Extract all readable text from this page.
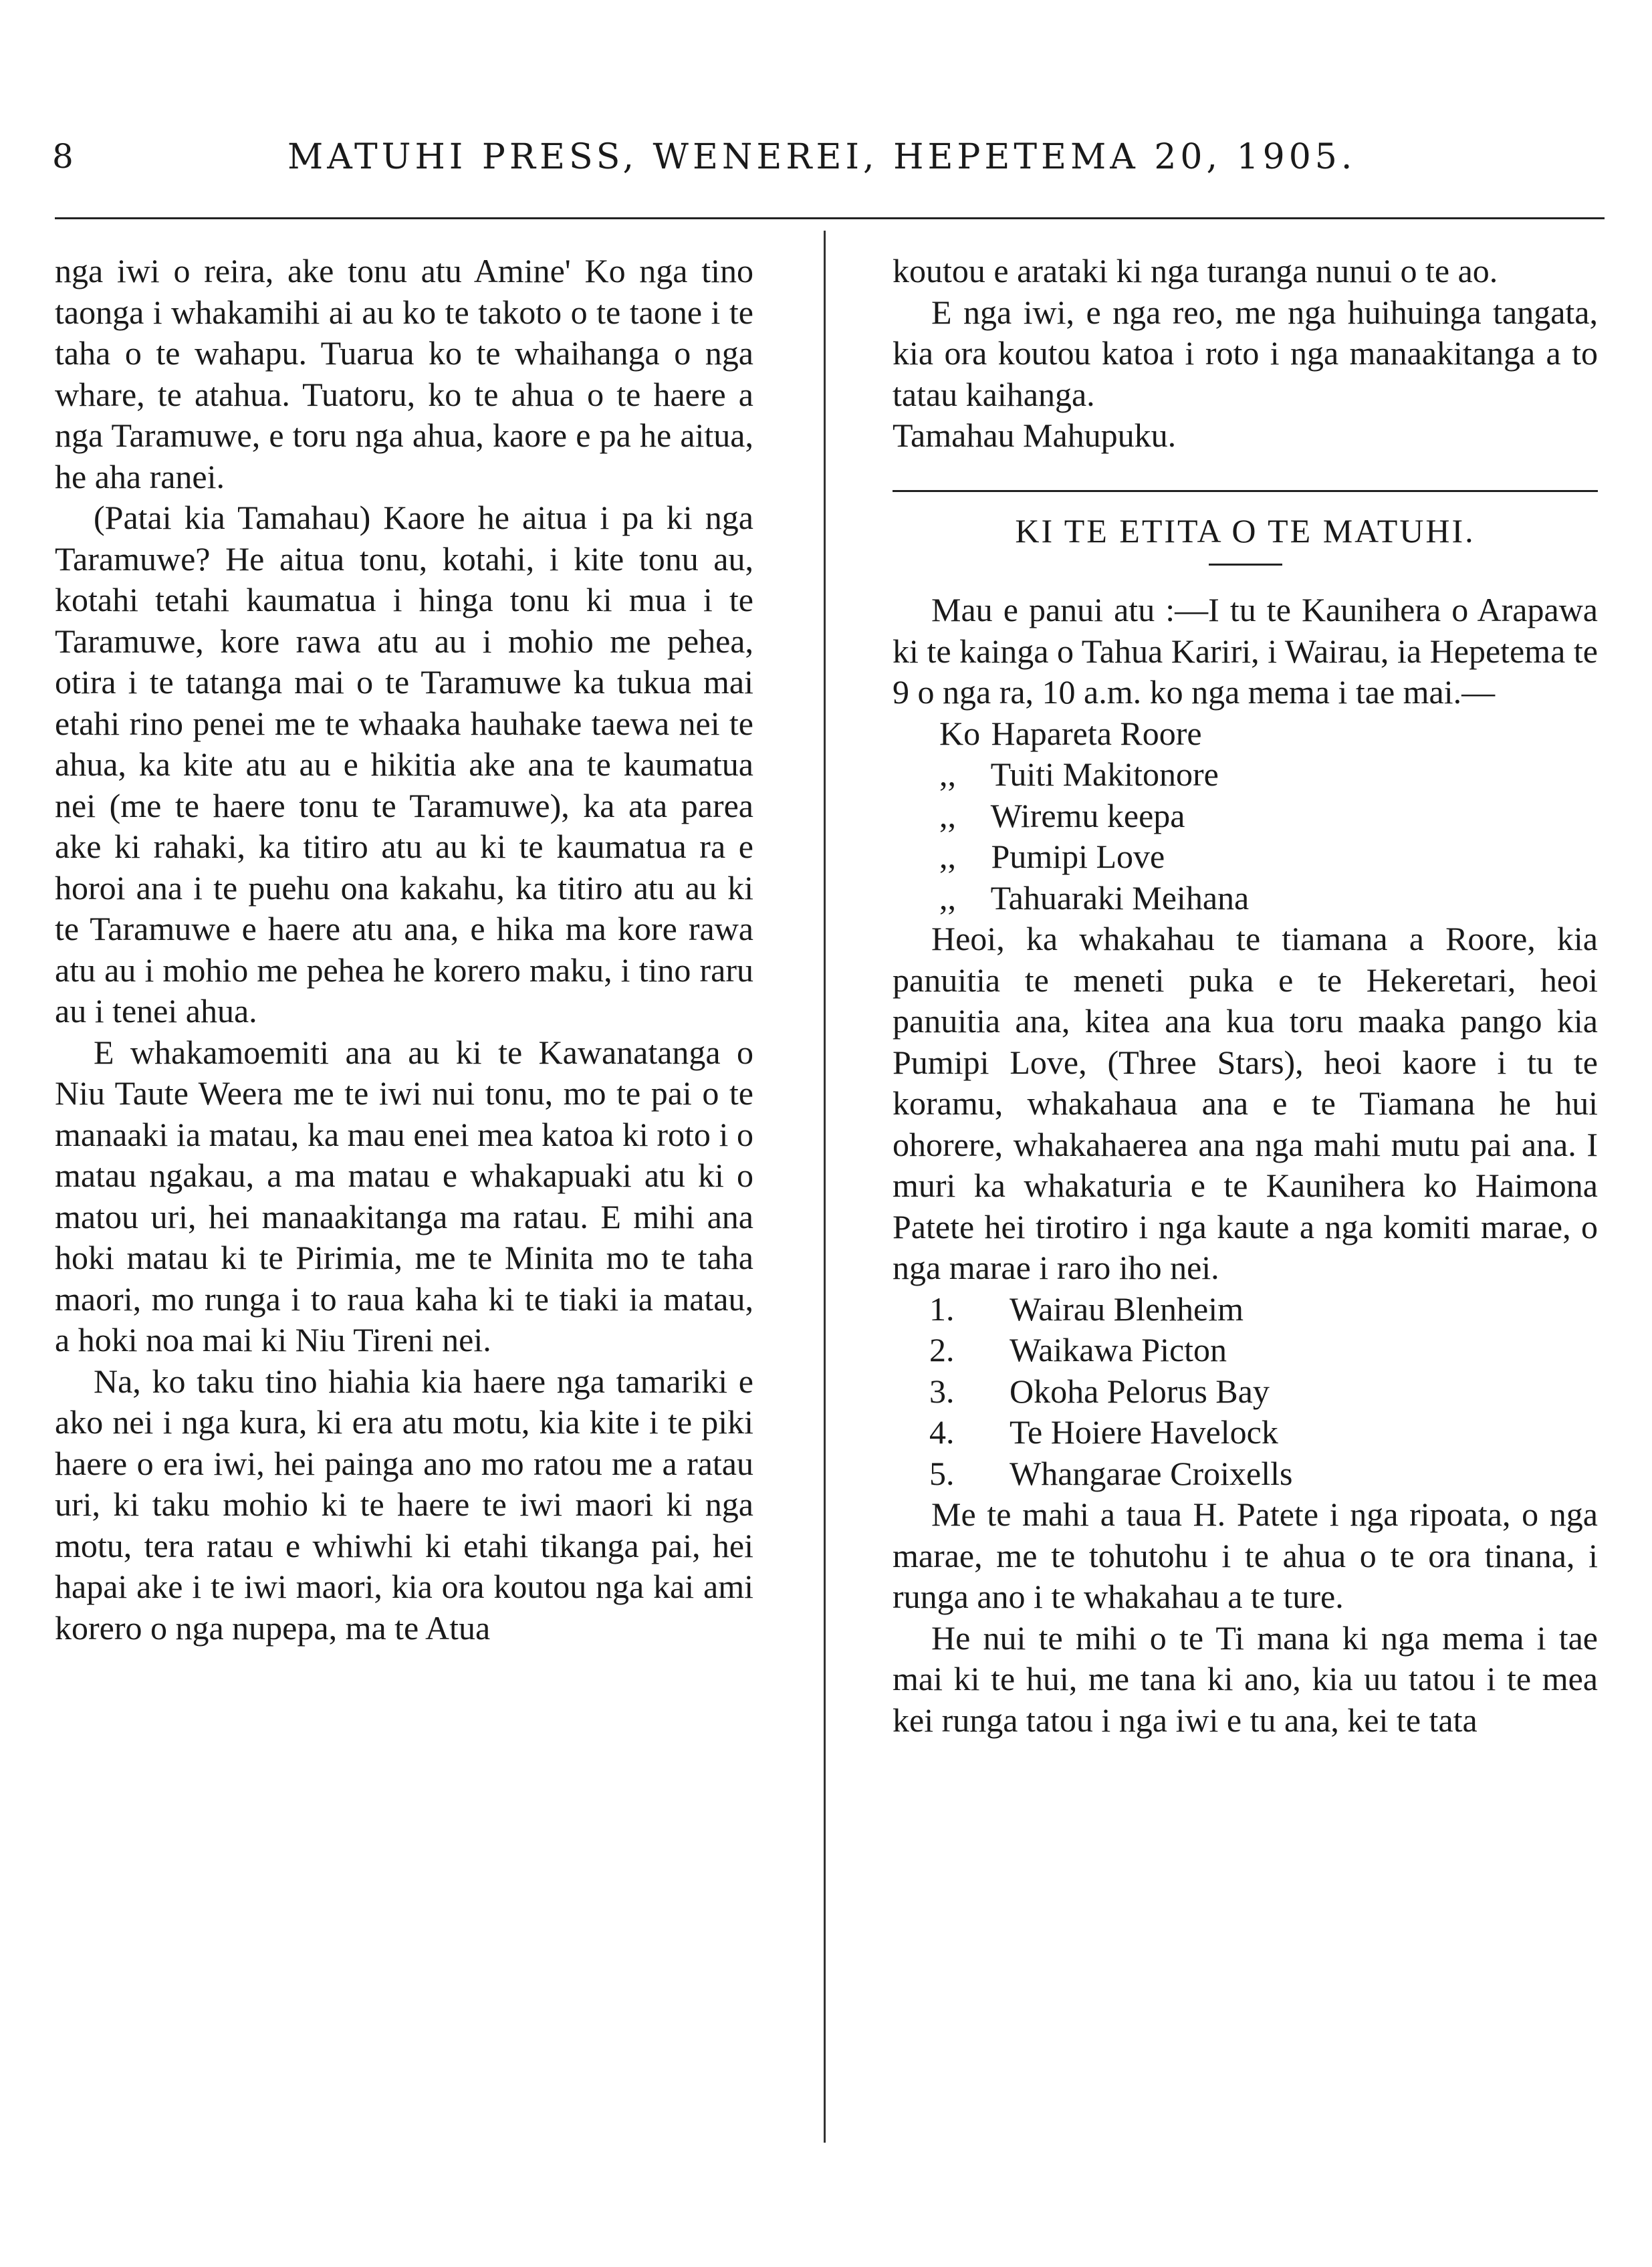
8	MATUHI PRESS, WENEREI, HEPETEMA 20, 1905.

nga iwi o reira, ake tonu atu Amine' Ko nga tino taonga i whakamihi ai au ko te takoto o te taone i te taha o te wahapu. Tuarua ko te whaihanga o nga whare, te atahua. Tuatoru, ko te ahua o te haere a nga Taramuwe, e toru nga ahua, kaore e pa he aitua, he aha ranei.

(Patai kia Tamahau) Kaore he aitua i pa ki nga Taramuwe? He aitua tonu, kotahi, i kite tonu au, kotahi tetahi kaumatua i hinga tonu ki mua i te Taramuwe, kore rawa atu au i mohio me pehea, otira i te tatanga mai o te Taramuwe ka tukua mai etahi rino penei me te whaaka hauhake taewa nei te ahua, ka kite atu au e hikitia ake ana te kaumatua nei (me te haere tonu te Taramuwe), ka ata parea ake ki rahaki, ka titiro atu au ki te kaumatua ra e horoi ana i te puehu ona kakahu, ka titiro atu au ki te Taramuwe e haere atu ana, e hika ma kore rawa atu au i mohio me pehea he korero maku, i tino raru au i tenei ahua.

E whakamoemiti ana au ki te Kawanatanga o Niu Taute Weera me te iwi nui tonu, mo te pai o te manaaki ia matau, ka mau enei mea katoa ki roto i o matau ngakau, a ma matau e whakapuaki atu ki o matou uri, hei manaakitanga ma ratau. E mihi ana hoki matau ki te Pirimia, me te Minita mo te taha maori, mo runga i to raua kaha ki te tiaki ia matau, a hoki noa mai ki Niu Tireni nei.

Na, ko taku tino hiahia kia haere nga tamariki e ako nei i nga kura, ki era atu motu, kia kite i te piki haere o era iwi, hei painga ano mo ratou me a ratau uri, ki taku mohio ki te haere te iwi maori ki nga motu, tera ratau e whiwhi ki etahi tikanga pai, hei hapai ake i te iwi maori, kia ora koutou nga kai ami korero o nga nupepa, ma te Atua

koutou e arataki ki nga turanga nunui o te ao.

E nga iwi, e nga reo, me nga huihuinga tangata, kia ora koutou katoa i roto i nga manaakitanga a to tatau kaihanga.

Tamahau Mahupuku.

KI TE ETITA O TE MATUHI.

Mau e panui atu :—I tu te Kaunihera o Arapawa ki te kainga o Tahua Kariri, i Wairau, ia Hepetema te 9 o nga ra, 10 a.m. ko nga mema i tae mai.—

Ko Hapareta Roore
,, Tuiti Makitonore
,, Wiremu keepa
,, Pumipi Love
,, Tahuaraki Meihana

Heoi, ka whakahau te tiamana a Roore, kia panuitia te meneti puka e te Hekeretari, heoi panuitia ana, kitea ana kua toru maaka pango kia Pumipi Love, (Three Stars), heoi kaore i tu te koramu, whakahaua ana e te Tiamana he hui ohorere, whakahaerea ana nga mahi mutu pai ana. I muri ka whakaturia e te Kaunihera ko Haimona Patete hei tirotiro i nga kaute a nga komiti marae, o nga marae i raro iho nei.

1. Wairau Blenheim
2. Waikawa Picton
3. Okoha Pelorus Bay
4. Te Hoiere Havelock
5. Whangarae Croixells

Me te mahi a taua H. Patete i nga ripoata, o nga marae, me te tohutohu i te ahua o te ora tinana, i runga ano i te whakahau a te ture.

He nui te mihi o te Ti mana ki nga mema i tae mai ki te hui, me tana ki ano, kia uu tatou i te mea kei runga tatou i nga iwi e tu ana, kei te tata
